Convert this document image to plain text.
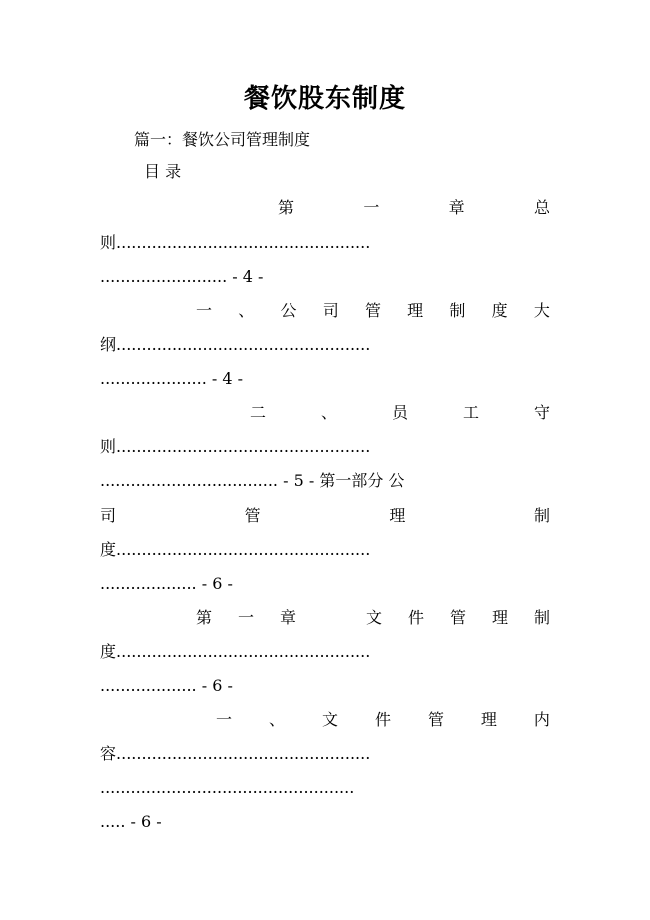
餐饮股东制度
篇一：餐饮公司管理制度
目 录
第	一	章	总
则..................................................
......................... - 4 -
一 、 公 司 管 理 制 度 大
纲..................................................
..................... - 4 -
二	、	员	工	守
则..................................................
................................... - 5 - 第一部分 公
司	管	理	制
度..................................................
................... - 6 -
第 一 章	文 件 管 理 制
度..................................................
................... - 6 -
一 、 文 件 管 理 内
容..................................................
..................................................
..... - 6 -
